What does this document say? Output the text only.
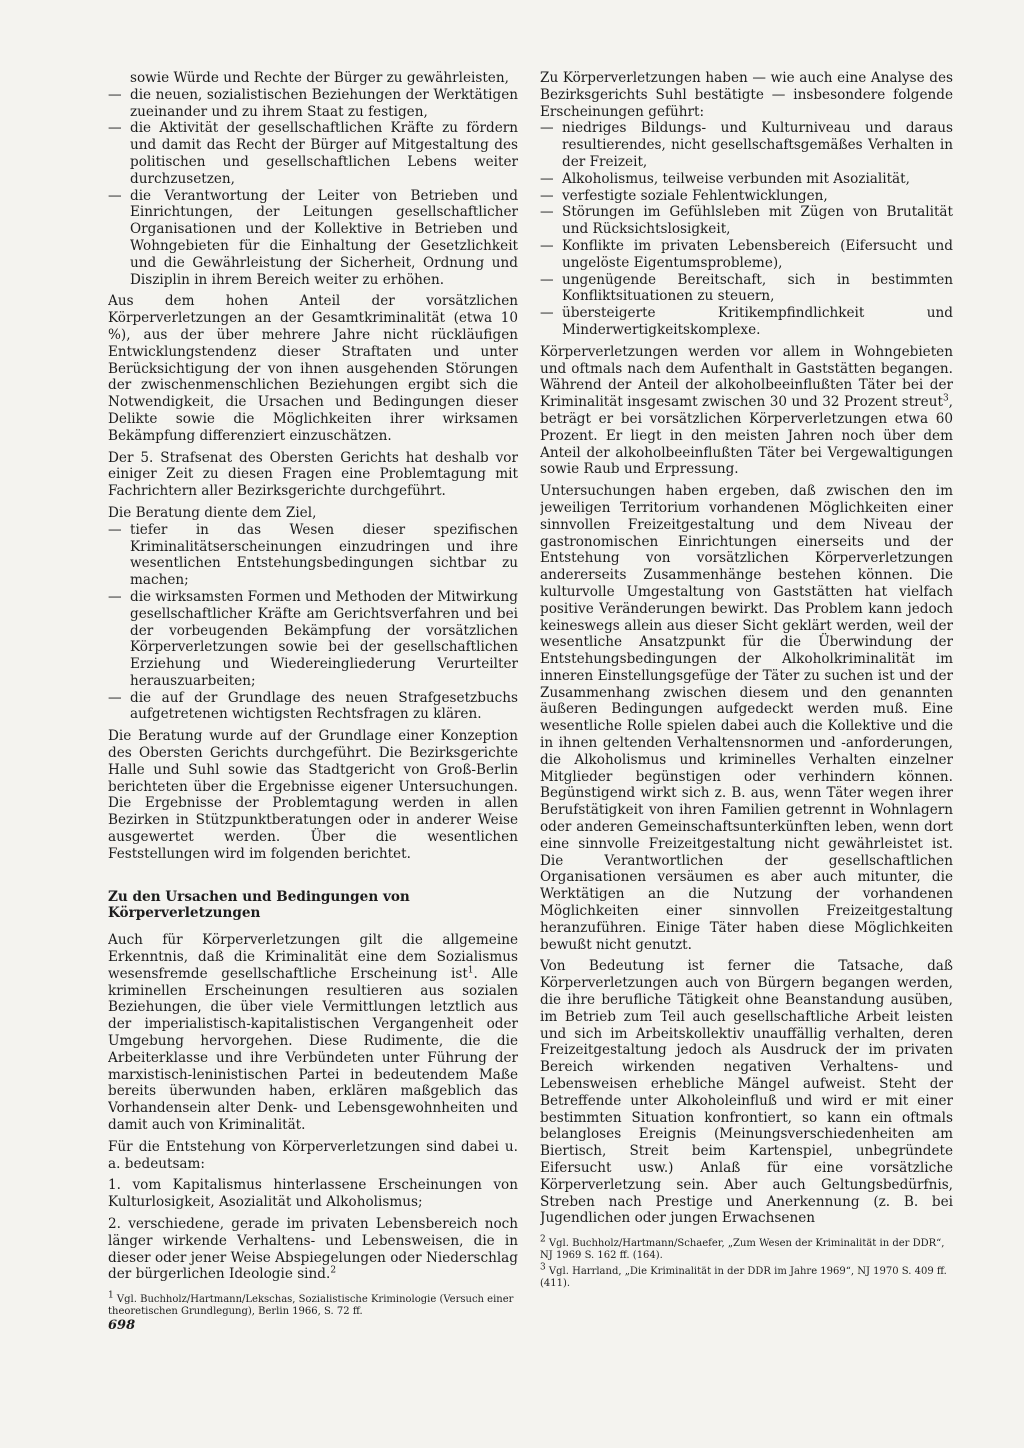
sowie Würde und Rechte der Bürger zu gewährleisten,

— die neuen, sozialistischen Beziehungen der Werktätigen zueinander und zu ihrem Staat zu festigen,
— die Aktivität der gesellschaftlichen Kräfte zu fördern und damit das Recht der Bürger auf Mitgestaltung des politischen und gesellschaftlichen Lebens weiter durchzusetzen,
— die Verantwortung der Leiter von Betrieben und Einrichtungen, der Leitungen gesellschaftlicher Organisationen und der Kollektive in Betrieben und Wohngebieten für die Einhaltung der Gesetzlichkeit und die Gewährleistung der Sicherheit, Ordnung und Disziplin in ihrem Bereich weiter zu erhöhen.

Aus dem hohen Anteil der vorsätzlichen Körperverletzungen an der Gesamtkriminalität (etwa 10 %), aus der über mehrere Jahre nicht rückläufigen Entwicklungstendenz dieser Straftaten und unter Berücksichtigung der von ihnen ausgehenden Störungen der zwischenmenschlichen Beziehungen ergibt sich die Notwendigkeit, die Ursachen und Bedingungen dieser Delikte sowie die Möglichkeiten ihrer wirksamen Bekämpfung differenziert einzuschätzen.

Der 5. Strafsenat des Obersten Gerichts hat deshalb vor einiger Zeit zu diesen Fragen eine Problemtagung mit Fachrichtern aller Bezirksgerichte durchgeführt.

Die Beratung diente dem Ziel,

— tiefer in das Wesen dieser spezifischen Kriminalitätserscheinungen einzudringen und ihre wesentlichen Entstehungsbedingungen sichtbar zu machen;
— die wirksamsten Formen und Methoden der Mitwirkung gesellschaftlicher Kräfte am Gerichtsverfahren und bei der vorbeugenden Bekämpfung der vorsätzlichen Körperverletzungen sowie bei der gesellschaftlichen Erziehung und Wiedereingliederung Verurteilter herauszuarbeiten;
— die auf der Grundlage des neuen Strafgesetzbuchs aufgetretenen wichtigsten Rechtsfragen zu klären.

Die Beratung wurde auf der Grundlage einer Konzeption des Obersten Gerichts durchgeführt. Die Bezirksgerichte Halle und Suhl sowie das Stadtgericht von Groß-Berlin berichteten über die Ergebnisse eigener Untersuchungen. Die Ergebnisse der Problemtagung werden in allen Bezirken in Stützpunktberatungen oder in anderer Weise ausgewertet werden. Über die wesentlichen Feststellungen wird im folgenden berichtet.

Zu den Ursachen und Bedingungen von Körperverletzungen

Auch für Körperverletzungen gilt die allgemeine Erkenntnis, daß die Kriminalität eine dem Sozialismus wesensfremde gesellschaftliche Erscheinung ist$^1$. Alle kriminellen Erscheinungen resultieren aus sozialen Beziehungen, die über viele Vermittlungen letztlich aus der imperialistisch-kapitalistischen Vergangenheit oder Umgebung hervorgehen. Diese Rudimente, die die Arbeiterklasse und ihre Verbündeten unter Führung der marxistisch-leninistischen Partei in bedeutendem Maße bereits überwunden haben, erklären maßgeblich das Vorhandensein alter Denk- und Lebensgewohnheiten und damit auch von Kriminalität.

Für die Entstehung von Körperverletzungen sind dabei u. a. bedeutsam:

1. vom Kapitalismus hinterlassene Erscheinungen von Kulturlosigkeit, Asozialität und Alkoholismus;

2. verschiedene, gerade im privaten Lebensbereich noch länger wirkende Verhaltens- und Lebensweisen, die in dieser oder jener Weise Abspiegelungen oder Niederschlag der bürgerlichen Ideologie sind.$^2$

$^1$ Vgl. Buchholz/Hartmann/Lekschas, Sozialistische Kriminologie (Versuch einer theoretischen Grundlegung), Berlin 1966, S. 72 ff.

698

Zu Körperverletzungen haben — wie auch eine Analyse des Bezirksgerichts Suhl bestätigte — insbesondere folgende Erscheinungen geführt:

— niedriges Bildungs- und Kulturniveau und daraus resultierendes, nicht gesellschaftsgemäßes Verhalten in der Freizeit,
— Alkoholismus, teilweise verbunden mit Asozialität,
— verfestigte soziale Fehlentwicklungen,
— Störungen im Gefühlsleben mit Zügen von Brutalität und Rücksichtslosigkeit,
— Konflikte im privaten Lebensbereich (Eifersucht und ungelöste Eigentumsprobleme),
— ungenügende Bereitschaft, sich in bestimmten Konfliktsituationen zu steuern,
— übersteigerte Kritikempfindlichkeit und Minderwertigkeitskomplexe.

Körperverletzungen werden vor allem in Wohngebieten und oftmals nach dem Aufenthalt in Gaststätten begangen. Während der Anteil der alkoholbeeinflußten Täter bei der Kriminalität insgesamt zwischen 30 und 32 Prozent streut$^3$, beträgt er bei vorsätzlichen Körperverletzungen etwa 60 Prozent. Er liegt in den meisten Jahren noch über dem Anteil der alkoholbeeinflußten Täter bei Vergewaltigungen sowie Raub und Erpressung.

Untersuchungen haben ergeben, daß zwischen den im jeweiligen Territorium vorhandenen Möglichkeiten einer sinnvollen Freizeitgestaltung und dem Niveau der gastronomischen Einrichtungen einerseits und der Entstehung von vorsätzlichen Körperverletzungen andererseits Zusammenhänge bestehen können. Die kulturvolle Umgestaltung von Gaststätten hat vielfach positive Veränderungen bewirkt. Das Problem kann jedoch keineswegs allein aus dieser Sicht geklärt werden, weil der wesentliche Ansatzpunkt für die Überwindung der Entstehungsbedingungen der Alkoholkriminalität im inneren Einstellungsgefüge der Täter zu suchen ist und der Zusammenhang zwischen diesem und den genannten äußeren Bedingungen aufgedeckt werden muß. Eine wesentliche Rolle spielen dabei auch die Kollektive und die in ihnen geltenden Verhaltensnormen und -anforderungen, die Alkoholismus und kriminelles Verhalten einzelner Mitglieder begünstigen oder verhindern können. Begünstigend wirkt sich z. B. aus, wenn Täter wegen ihrer Berufstätigkeit von ihren Familien getrennt in Wohnlagern oder anderen Gemeinschaftsunterkünften leben, wenn dort eine sinnvolle Freizeitgestaltung nicht gewährleistet ist. Die Verantwortlichen der gesellschaftlichen Organisationen versäumen es aber auch mitunter, die Werktätigen an die Nutzung der vorhandenen Möglichkeiten einer sinnvollen Freizeitgestaltung heranzuführen. Einige Täter haben diese Möglichkeiten bewußt nicht genutzt.

Von Bedeutung ist ferner die Tatsache, daß Körperverletzungen auch von Bürgern begangen werden, die ihre berufliche Tätigkeit ohne Beanstandung ausüben, im Betrieb zum Teil auch gesellschaftliche Arbeit leisten und sich im Arbeitskollektiv unauffällig verhalten, deren Freizeitgestaltung jedoch als Ausdruck der im privaten Bereich wirkenden negativen Verhaltens- und Lebensweisen erhebliche Mängel aufweist. Steht der Betreffende unter Alkoholeinfluß und wird er mit einer bestimmten Situation konfrontiert, so kann ein oftmals belangloses Ereignis (Meinungsverschiedenheiten am Biertisch, Streit beim Kartenspiel, unbegründete Eifersucht usw.) Anlaß für eine vorsätzliche Körperverletzung sein. Aber auch Geltungsbedürfnis, Streben nach Prestige und Anerkennung (z. B. bei Jugendlichen oder jungen Erwachsenen

$^2$ Vgl. Buchholz/Hartmann/Schaefer, „Zum Wesen der Kriminalität in der DDR“, NJ 1969 S. 162 ff. (164).

$^3$ Vgl. Harrland, „Die Kriminalität in der DDR im Jahre 1969“, NJ 1970 S. 409 ff. (411).
